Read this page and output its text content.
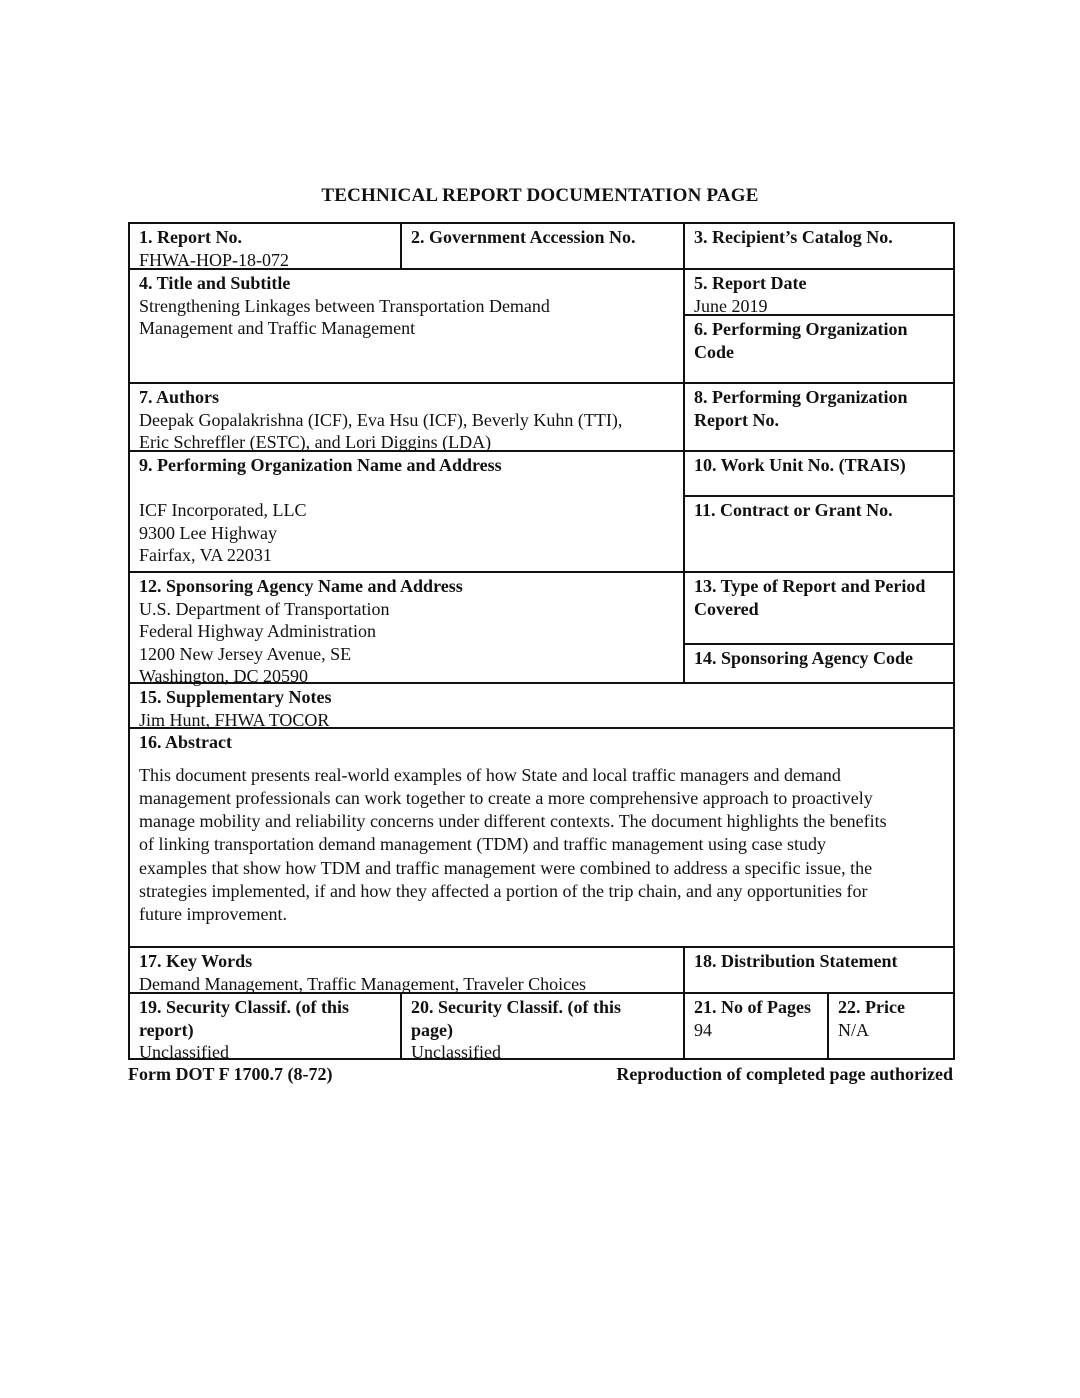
TECHNICAL REPORT DOCUMENTATION PAGE
1. Report No.
FHWA-HOP-18-072
2. Government Accession No.	3. Recipient’s Catalog No.
4. Title and Subtitle
Strengthening Linkages between Transportation Demand
Management and Traffic Management
5. Report Date
June 2019
6. Performing Organization
Code
7. Authors
Deepak Gopalakrishna (ICF), Eva Hsu (ICF), Beverly Kuhn (TTI),
Eric Schreffler (ESTC), and Lori Diggins (LDA)
8. Performing Organization
Report No.
9. Performing Organization Name and Address
ICF Incorporated, LLC
9300 Lee Highway
Fairfax, VA 22031
10. Work Unit No. (TRAIS)
11. Contract or Grant No.
12. Sponsoring Agency Name and Address
U.S. Department of Transportation
Federal Highway Administration
1200 New Jersey Avenue, SE
Washington, DC 20590
13. Type of Report and Period
Covered
14. Sponsoring Agency Code
15. Supplementary Notes
Jim Hunt, FHWA TOCOR
16. Abstract
This document presents real-world examples of how State and local traffic managers and demand
management professionals can work together to create a more comprehensive approach to proactively
manage mobility and reliability concerns under different contexts. The document highlights the benefits
of linking transportation demand management (TDM) and traffic management using case study
examples that show how TDM and traffic management were combined to address a specific issue, the
strategies implemented, if and how they affected a portion of the trip chain, and any opportunities for
future improvement.
17. Key Words
Demand Management, Traffic Management, Traveler Choices
18. Distribution Statement
19. Security Classif. (of this
report)
Unclassified
20. Security Classif. (of this
page)
Unclassified
21. No of Pages
94
22. Price
N/A
Form DOT F 1700.7 (8-72)	Reproduction of completed page authorized
